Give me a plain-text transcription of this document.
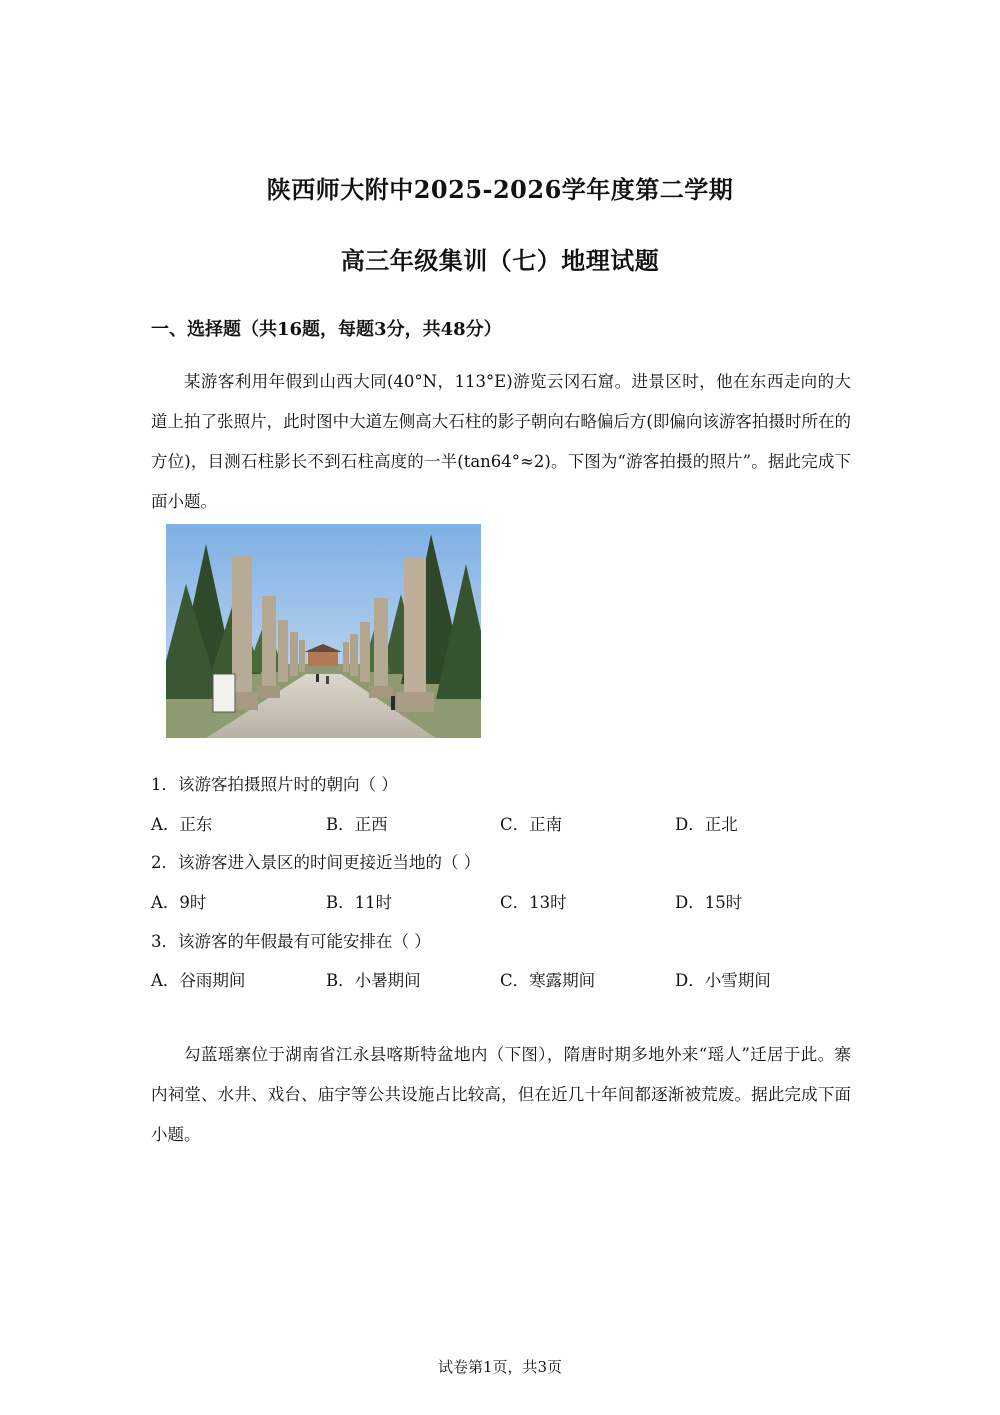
陕西师大附中2025-2026学年度第二学期
高三年级集训（七）地理试题
一、选择题（共16题，每题3分，共48分）

某游客利用年假到山西大同(40°N，113°E)游览云冈石窟。进景区时，他在东西走向的大道上拍了张照片，此时图中大道左侧高大石柱的影子朝向右略偏后方(即偏向该游客拍摄时所在的方位)，目测石柱影长不到石柱高度的一半(tan64°≈2)。下图为“游客拍摄的照片”。据此完成下面小题。

1．该游客拍摄照片时的朝向（ ）

A．正东	B．正西	C．正南	D．正北

2．该游客进入景区的时间更接近当地的（ ）

A．9时	B．11时	C．13时	D．15时

3．该游客的年假最有可能安排在（ ）

A．谷雨期间	B．小暑期间	C．寒露期间	D．小雪期间

勾蓝瑶寨位于湖南省江永县喀斯特盆地内（下图），隋唐时期多地外来“瑶人”迁居于此。寨内祠堂、水井、戏台、庙宇等公共设施占比较高，但在近几十年间都逐渐被荒废。据此完成下面小题。

试卷第1页，共3页
